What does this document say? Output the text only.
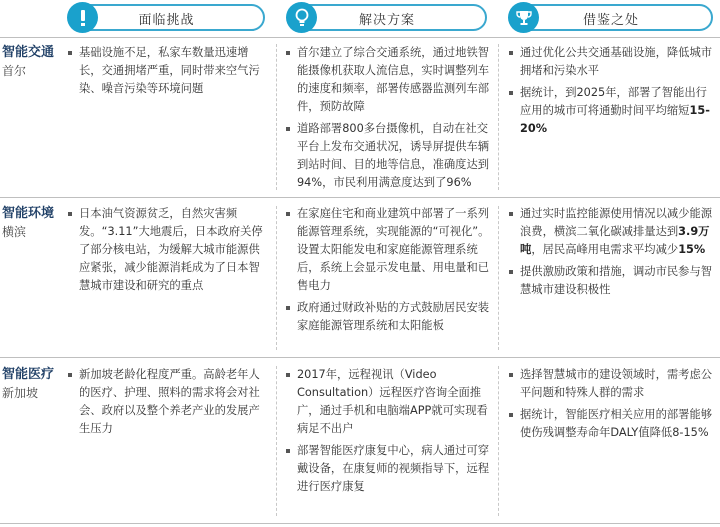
面临挑战	解决方案	借鉴之处
智能交通
首尔
基础设施不足，私家车数量迅速增长，交通拥堵严重，同时带来空气污染、噪音污染等环境问题
首尔建立了综合交通系统，通过地铁智能摄像机获取人流信息，实时调整列车的速度和频率，部署传感器监测列车部件，预防故障
道路部署800多台摄像机，自动在社交平台上发布交通状况，诱导屏提供车辆到站时间、目的地等信息，准确度达到94%，市民利用满意度达到了96%
通过优化公共交通基础设施，降低城市拥堵和污染水平
据统计，到2025年，部署了智能出行应用的城市可将通勤时间平均缩短15-20%
智能环境
横滨
日本油气资源贫乏，自然灾害频发。“3.11”大地震后，日本政府关停了部分核电站，为缓解大城市能源供应紧张，减少能源消耗成为了日本智慧城市建设和研究的重点
在家庭住宅和商业建筑中部署了一系列能源管理系统，实现能源的“可视化”。设置太阳能发电和家庭能源管理系统后，系统上会显示发电量、用电量和已售电力
政府通过财政补贴的方式鼓励居民安装家庭能源管理系统和太阳能板
通过实时监控能源使用情况以减少能源浪费，横滨二氧化碳减排量达到3.9万吨，居民高峰用电需求平均减少15%
提供激励政策和措施，调动市民参与智慧城市建设积极性
智能医疗
新加坡
新加坡老龄化程度严重。高龄老年人的医疗、护理、照料的需求将会对社会、政府以及整个养老产业的发展产生压力
2017年，远程视讯（Video Consultation）远程医疗咨询全面推广，通过手机和电脑端APP就可实现看病足不出户
部署智能医疗康复中心，病人通过可穿戴设备，在康复师的视频指导下，远程进行医疗康复
选择智慧城市的建设领域时，需考虑公平问题和特殊人群的需求
据统计，智能医疗相关应用的部署能够使伤残调整寿命年DALY值降低8-15%
